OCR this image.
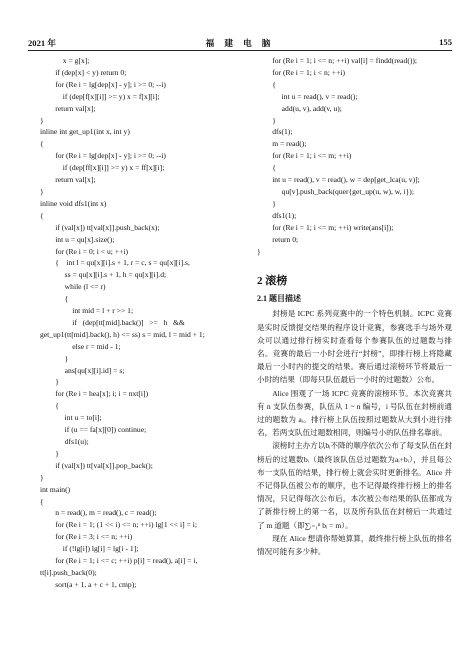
2021 年	福 建 电 脑	155
x = g[x];
if (dep[x] < y) return 0;
for (Re i = lg[dep[x] - y]; i >= 0; --i)
if (dep[f[x][i]] >= y) x = f[x][i];
return val[x];
}
inline int get_up1(int x, int y)
{
for (Re i = lg[dep[x] - y]; i >= 0; --i)
if (dep[ff[x][i]] >= y) x = ff[x][i];
return val[x];
}
inline void dfs1(int x)
{
if (val[x]) tt[val[x]].push_back(x);
int u = qu[x].size();
for (Re i = 0; i < u; ++i)
{    int l = qu[x][i].s + 1, r = c, s = qu[x][i].s,
ss = qu[x][i].s + 1, h = qu[x][i].d;
while (l <= r)
{
int mid = l + r >> 1;
if   (dep[tt[mid].back()]   >=   h   &&
get_up1(tt[mid].back(), h) <= ss) s = mid, l = mid + 1;
else r = mid - 1;
}
ans[qu[x][i].id] = s;
}
for (Re i = hea[x]; i; i = nxt[i])
{
int u = to[i];
if (u == fa[x][0]) continue;
dfs1(u);
}
if (val[x]) tt[val[x]].pop_back();
}
int main()
{
n = read(), m = read(), c = read();
for (Re i = 1; (1 << i) <= n; ++i) lg[1 << i] = i;
for (Re i = 3; i <= n; ++i)
if (!lg[i]) lg[i] = lg[i - 1];
for (Re i = 1; i <= c; ++i) p[i] = read(), a[i] = i,
tt[i].push_back(0);
sort(a + 1, a + c + 1, cmp);
for (Re i = 1; i <= n; ++i) val[i] = findd(read());
for (Re i = 1; i < n; ++i)
{
int u = read(), v = read();
add(u, v), add(v, u);
}
dfs(1);
m = read();
for (Re i = 1; i <= m; ++i)
{
int u = read(), v = read(), w = dep[get_lca(u, v)];
qu[v].push_back(quer{get_up(u, w), w, i});
}
dfs1(1);
for (Re i = 1; i <= m; ++i) write(ans[i]);
return 0;
}
2 滚榜
2.1 题目描述
封榜是 ICPC 系列竞赛中的一个特色机制。ICPC 竞赛是实时反馈提交结果的程序设计竞赛，参赛选手与场外观众可以通过排行榜实时查看每个参赛队伍的过题数与排名。竞赛的最后一小时会进行“封榜”，即排行榜上将隐藏最后一小时内的提交的结果。赛后通过滚榜环节将最后一小时的结果（即每只队伍最后一小时的过题数）公布。
Alice 围观了一场 ICPC 竞赛的滚榜环节。本次竞赛共有 n 支队伍参赛，队伍从 1 ~ n 编号，i 号队伍在封榜前通过的题数为 aᵢ。排行榜上队伍按照过题数从大到小进行排名，若两支队伍过题数相同，则编号小的队伍排名靠前。
滚榜时主办方以bᵢ不降的顺序依次公布了每支队伍在封榜后的过题数bᵢ（最终该队伍总过题数为aᵢ+bᵢ），并且每公布一支队伍的结果，排行榜上就会实时更新排名。Alice 并不记得队伍被公布的顺序，也不记得最终排行榜上的排名情况，只记得每次公布后，本次被公布结果的队伍都成为了新排行榜上的第一名，以及所有队伍在封榜后一共通过了 m 道题（即∑ᵢ₌₁ⁿ bᵢ = m）。
现在 Alice 想请你帮她算算，最终排行榜上队伍的排名情况可能有多少种。
